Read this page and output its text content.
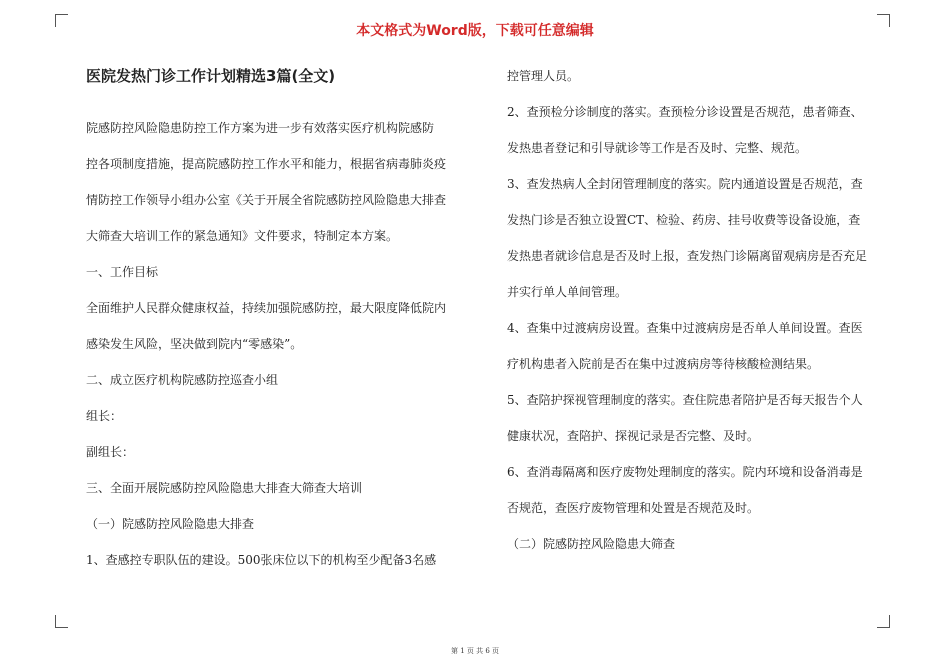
本文格式为Word版，下载可任意编辑

医院发热门诊工作计划精选3篇(全文)

院感防控风险隐患防控工作方案为进一步有效落实医疗机构院感防

控各项制度措施，提高院感防控工作水平和能力，根据省病毒肺炎疫

情防控工作领导小组办公室《关于开展全省院感防控风险隐患大排查

大筛查大培训工作的紧急通知》文件要求，特制定本方案。

一、工作目标

全面维护人民群众健康权益，持续加强院感防控，最大限度降低院内

感染发生风险，坚决做到院内“零感染”。

二、成立医疗机构院感防控巡查小组

组长：

副组长：

三、全面开展院感防控风险隐患大排查大筛查大培训

（一）院感防控风险隐患大排查

1、查感控专职队伍的建设。500张床位以下的机构至少配备3名感

控管理人员。

2、查预检分诊制度的落实。查预检分诊设置是否规范，患者筛查、

发热患者登记和引导就诊等工作是否及时、完整、规范。

3、查发热病人全封闭管理制度的落实。院内通道设置是否规范，查

发热门诊是否独立设置CT、检验、药房、挂号收费等设备设施，查

发热患者就诊信息是否及时上报，查发热门诊隔离留观病房是否充足

并实行单人单间管理。

4、查集中过渡病房设置。查集中过渡病房是否单人单间设置。查医

疗机构患者入院前是否在集中过渡病房等待核酸检测结果。

5、查陪护探视管理制度的落实。查住院患者陪护是否每天报告个人

健康状况，查陪护、探视记录是否完整、及时。

6、查消毒隔离和医疗废物处理制度的落实。院内环境和设备消毒是

否规范，查医疗废物管理和处置是否规范及时。

（二）院感防控风险隐患大筛查

第 1 页 共 6 页
